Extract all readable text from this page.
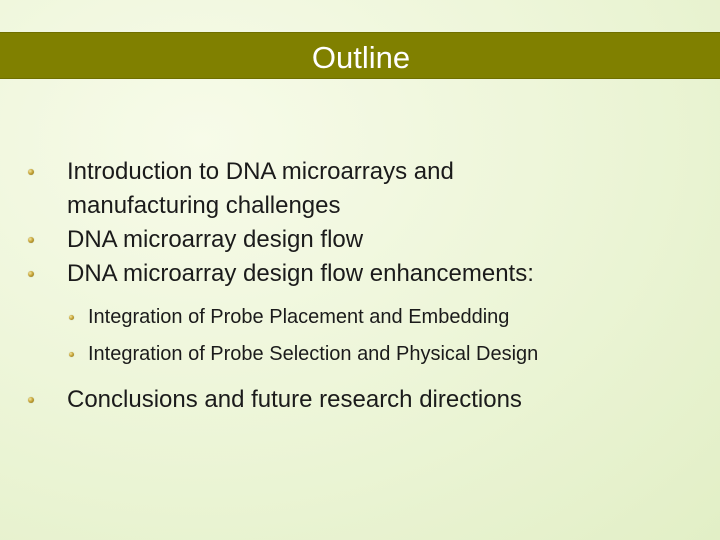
Outline
Introduction to DNA microarrays and
manufacturing challenges
DNA microarray design flow
DNA microarray design flow enhancements:
Integration of Probe Placement and Embedding
Integration of Probe Selection and Physical Design
Conclusions and future research directions
